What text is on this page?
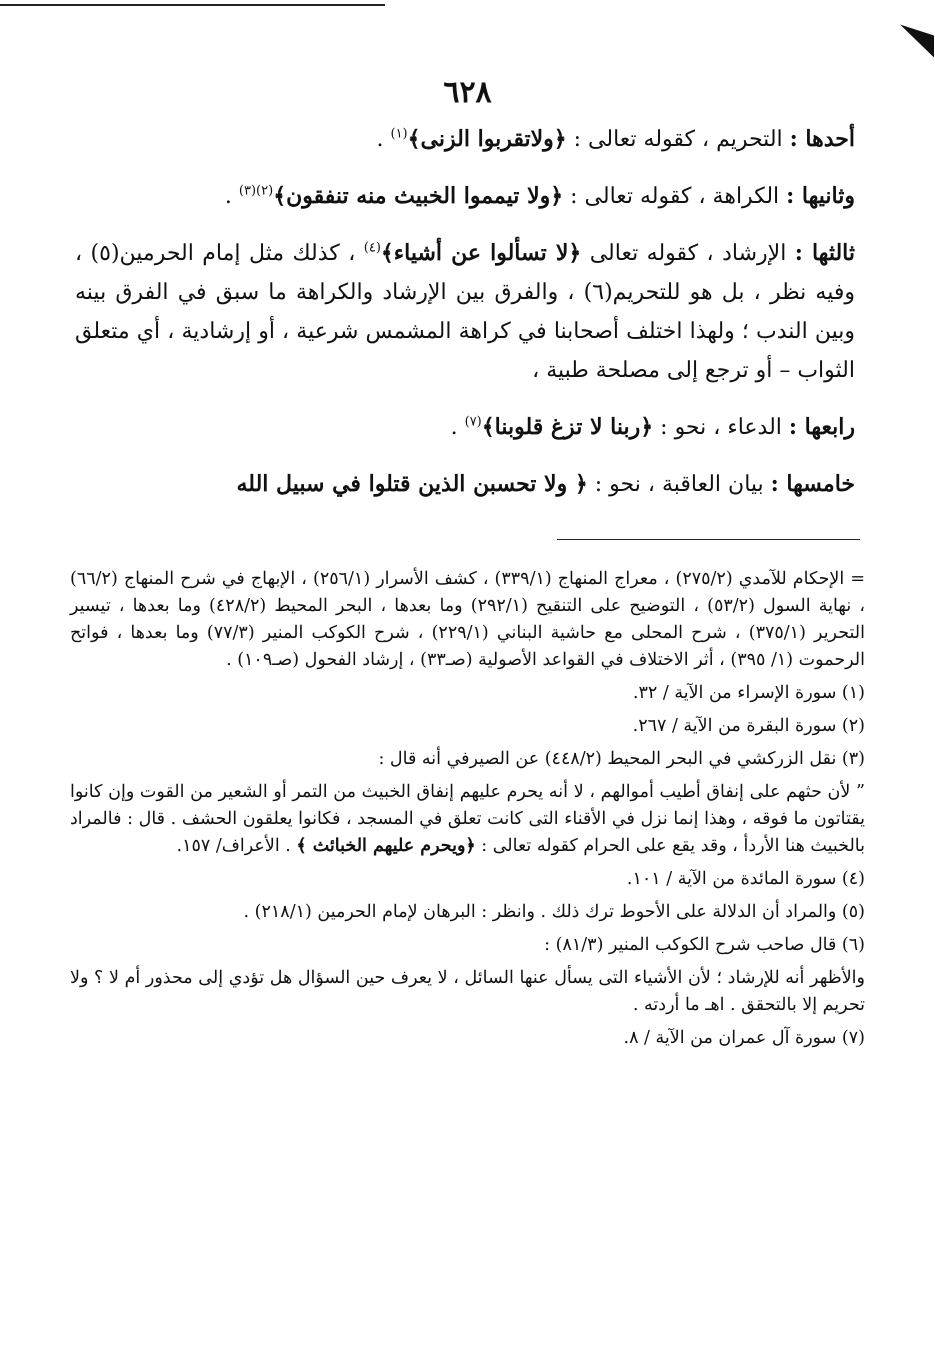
٦٢٨

أحدها : التحريم ، كقوله تعالى : ﴿ولاتقربوا الزنى﴾$^{(١)}$ .

وثانيها : الكراهة ، كقوله تعالى : ﴿ولا تيمموا الخبيث منه تنفقون﴾$^{(٢)(٣)}$ .

ثالثها : الإرشاد ، كقوله تعالى ﴿لا تسألوا عن أشياء﴾$^{(٤)}$ ، كذلك مثل إمام الحرمين(٥) ، وفيه نظر ، بل هو للتحريم(٦) ، والفرق بين الإرشاد والكراهة ما سبق في الفرق بينه وبين الندب ؛ ولهذا اختلف أصحابنا في كراهة المشمس شرعية ، أو إرشادية ، أي متعلق الثواب – أو ترجع إلى مصلحة طبية ،

رابعها : الدعاء ، نحو : ﴿ربنا لا تزغ قلوبنا﴾$^{(٧)}$ .

خامسها : بيان العاقبة ، نحو : ﴿ ولا تحسبن الذين قتلوا في سبيل الله

= الإحكام للآمدي (٢٧٥/٢) ، معراج المنهاج (٣٣٩/١) ، كشف الأسرار (٢٥٦/١) ، الإبهاج في شرح المنهاج (٦٦/٢) ، نهاية السول (٥٣/٢) ، التوضيح على التنقيح (٢٩٢/١) وما بعدها ، البحر المحيط (٤٢٨/٢) وما بعدها ، تيسير التحرير (٣٧٥/١) ، شرح المحلى مع حاشية البناني (٢٢٩/١) ، شرح الكوكب المنير (٧٧/٣) وما بعدها ، فواتح الرحموت (١/ ٣٩٥) ، أثر الاختلاف في القواعد الأصولية (صـ٣٣) ، إرشاد الفحول (صـ١٠٩) .

(١) سورة الإسراء من الآية / ٣٢.

(٢) سورة البقرة من الآية / ٢٦٧.

(٣) نقل الزركشي في البحر المحيط (٤٤٨/٢) عن الصيرفي أنه قال :

” لأن حثهم على إنفاق أطيب أموالهم ، لا أنه يحرم عليهم إنفاق الخبيث من التمر أو الشعير من القوت وإن كانوا يقتاتون ما فوقه ، وهذا إنما نزل في الأقناء التى كانت تعلق في المسجد ، فكانوا يعلقون الحشف . قال : فالمراد بالخبيث هنا الأردأ ، وقد يقع على الحرام كقوله تعالى : ﴿ويحرم عليهم الخبائث ﴾ . الأعراف/ ١٥٧.

(٤) سورة المائدة من الآية / ١٠١.

(٥) والمراد أن الدلالة على الأحوط ترك ذلك . وانظر : البرهان لإمام الحرمين (٢١٨/١) .

(٦) قال صاحب شرح الكوكب المنير (٨١/٣) :

والأظهر أنه للإرشاد ؛ لأن الأشياء التى يسأل عنها السائل ، لا يعرف حين السؤال هل تؤدي إلى محذور أم لا ؟ ولا تحريم إلا بالتحقق . اهـ ما أردته .

(٧) سورة آل عمران من الآية / ٨.
